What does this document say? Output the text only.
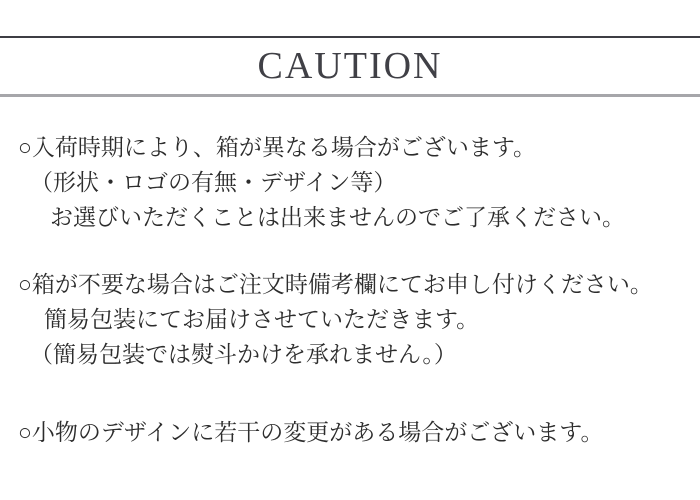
CAUTION

○入荷時期により、箱が異なる場合がございます。

（形状・ロゴの有無・デザイン等）

お選びいただくことは出来ませんのでご了承ください。

○箱が不要な場合はご注文時備考欄にてお申し付けください。

簡易包装にてお届けさせていただきます。

（簡易包装では熨斗かけを承れません。）

○小物のデザインに若干の変更がある場合がございます。
